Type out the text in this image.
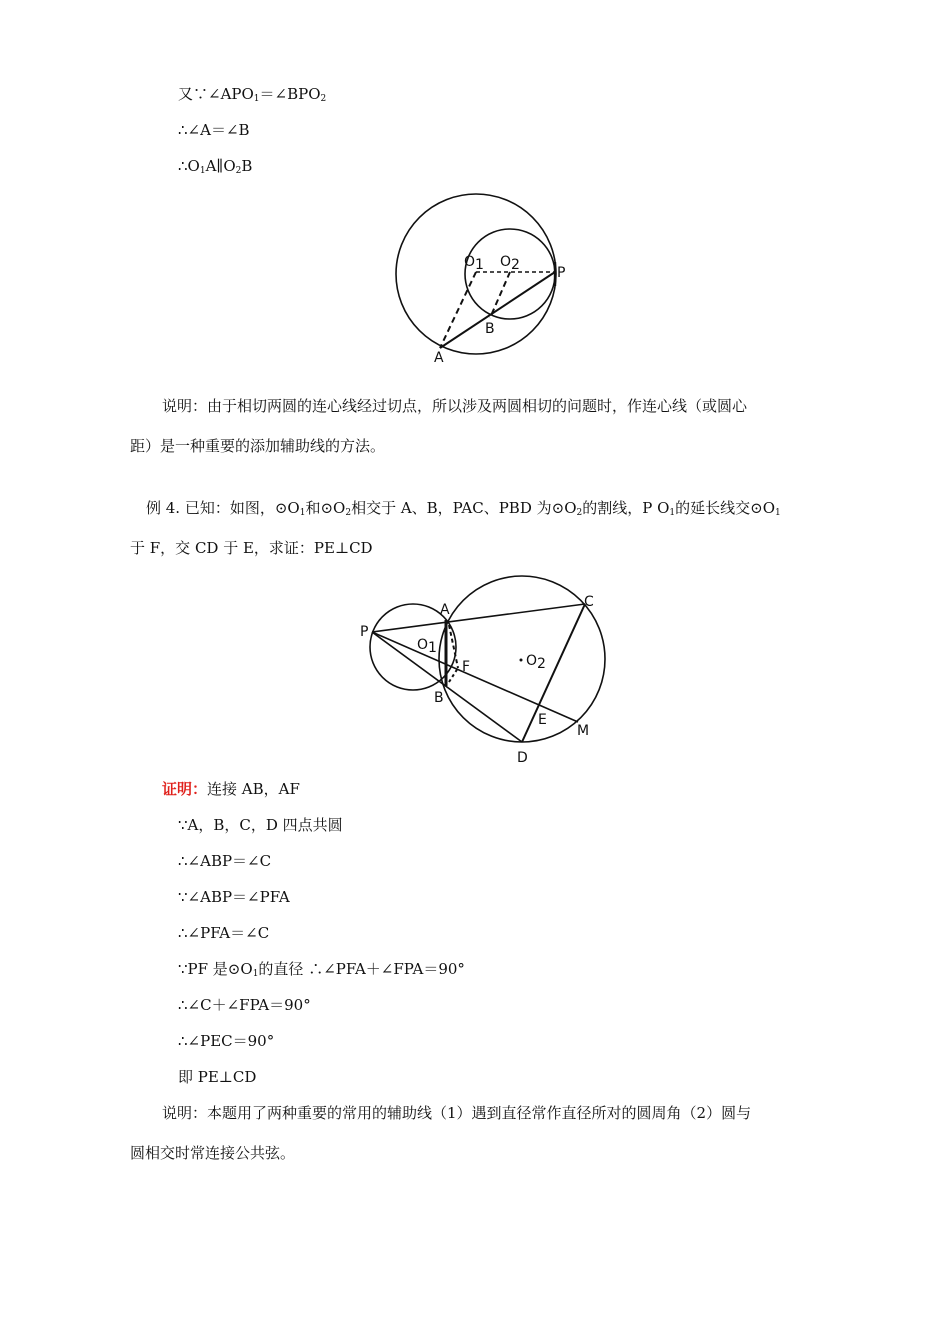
又$\because\angle APO_1=\angle BPO_2$
∴∠A＝∠B
$\therefore O_1A\parallel O_2B$
O1 O2	P
B
A
说明：由于相切两圆的连心线经过切点，所以涉及两圆相切的问题时，作连心线（或圆心
距）是一种重要的添加辅助线的方法。
例 4. 已知：如图，$⊙O_1$和$⊙O_2$相交于 A、B，PAC、PBD 为$⊙O_2$的割线，P $O_1$的延长线交$⊙O_1$
于 F，交 CD 于 E，求证：PE⊥CD
A	C
P
O1
F	O2
B
E
M
D
证明：连接 AB，AF
∵A，B，C，D 四点共圆
∴∠ABP＝∠C
∵∠ABP＝∠PFA
∴∠PFA＝∠C
∵PF 是$⊙O_1$的直径 ∴∠PFA＋∠FPA＝90°
∴∠C＋∠FPA＝90°
∴∠PEC＝90°
即 PE⊥CD
说明：本题用了两种重要的常用的辅助线（1）遇到直径常作直径所对的圆周角（2）圆与
圆相交时常连接公共弦。
